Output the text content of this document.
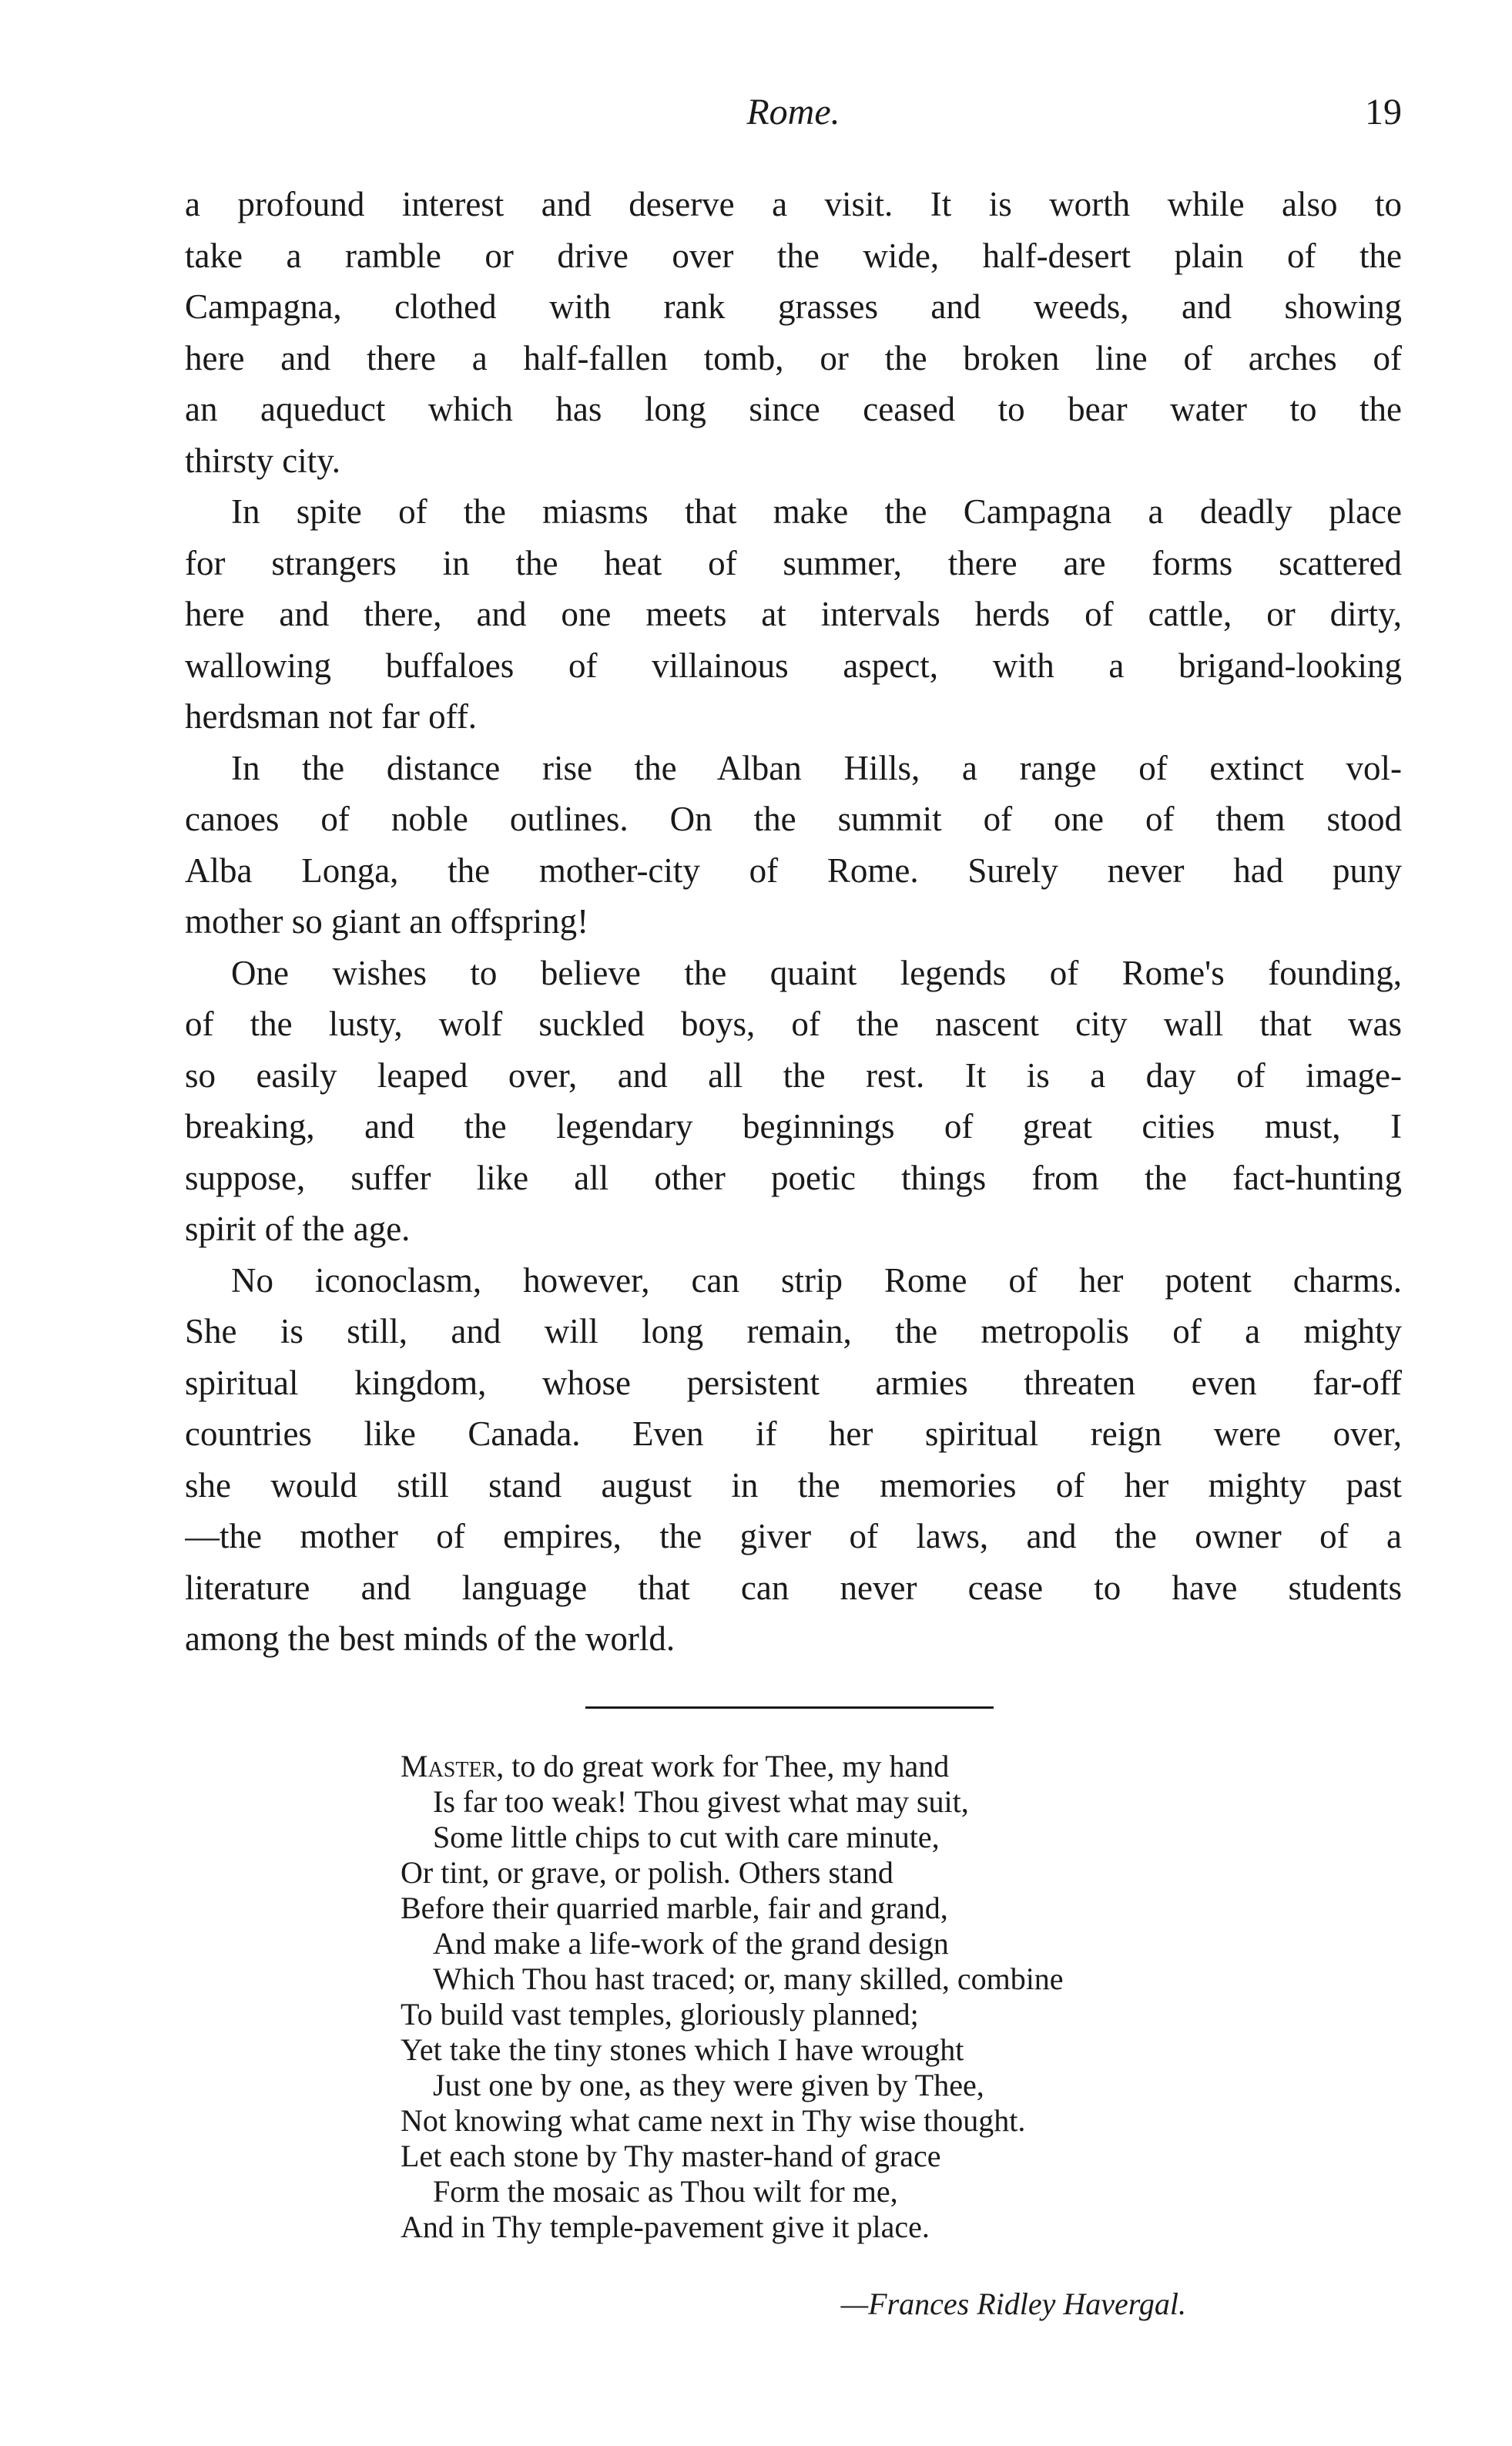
Rome.	19
a profound interest and deserve a visit. It is worth while also to
take a ramble or drive over the wide, half-desert plain of the
Campagna, clothed with rank grasses and weeds, and showing
here and there a half-fallen tomb, or the broken line of arches of
an aqueduct which has long since ceased to bear water to the
thirsty city.
In spite of the miasms that make the Campagna a deadly place
for strangers in the heat of summer, there are forms scattered
here and there, and one meets at intervals herds of cattle, or dirty,
wallowing buffaloes of villainous aspect, with a brigand-looking
herdsman not far off.
In the distance rise the Alban Hills, a range of extinct vol-
canoes of noble outlines. On the summit of one of them stood
Alba Longa, the mother-city of Rome. Surely never had puny
mother so giant an offspring!
One wishes to believe the quaint legends of Rome's founding,
of the lusty, wolf suckled boys, of the nascent city wall that was
so easily leaped over, and all the rest. It is a day of image-
breaking, and the legendary beginnings of great cities must, I
suppose, suffer like all other poetic things from the fact-hunting
spirit of the age.
No iconoclasm, however, can strip Rome of her potent charms.
She is still, and will long remain, the metropolis of a mighty
spiritual kingdom, whose persistent armies threaten even far-off
countries like Canada. Even if her spiritual reign were over,
she would still stand august in the memories of her mighty past
—the mother of empires, the giver of laws, and the owner of a
literature and language that can never cease to have students
among the best minds of the world.
Master, to do great work for Thee, my hand
Is far too weak! Thou givest what may suit,
Some little chips to cut with care minute,
Or tint, or grave, or polish. Others stand
Before their quarried marble, fair and grand,
And make a life-work of the grand design
Which Thou hast traced; or, many skilled, combine
To build vast temples, gloriously planned;
Yet take the tiny stones which I have wrought
Just one by one, as they were given by Thee,
Not knowing what came next in Thy wise thought.
Let each stone by Thy master-hand of grace
Form the mosaic as Thou wilt for me,
And in Thy temple-pavement give it place.
—Frances Ridley Havergal.
